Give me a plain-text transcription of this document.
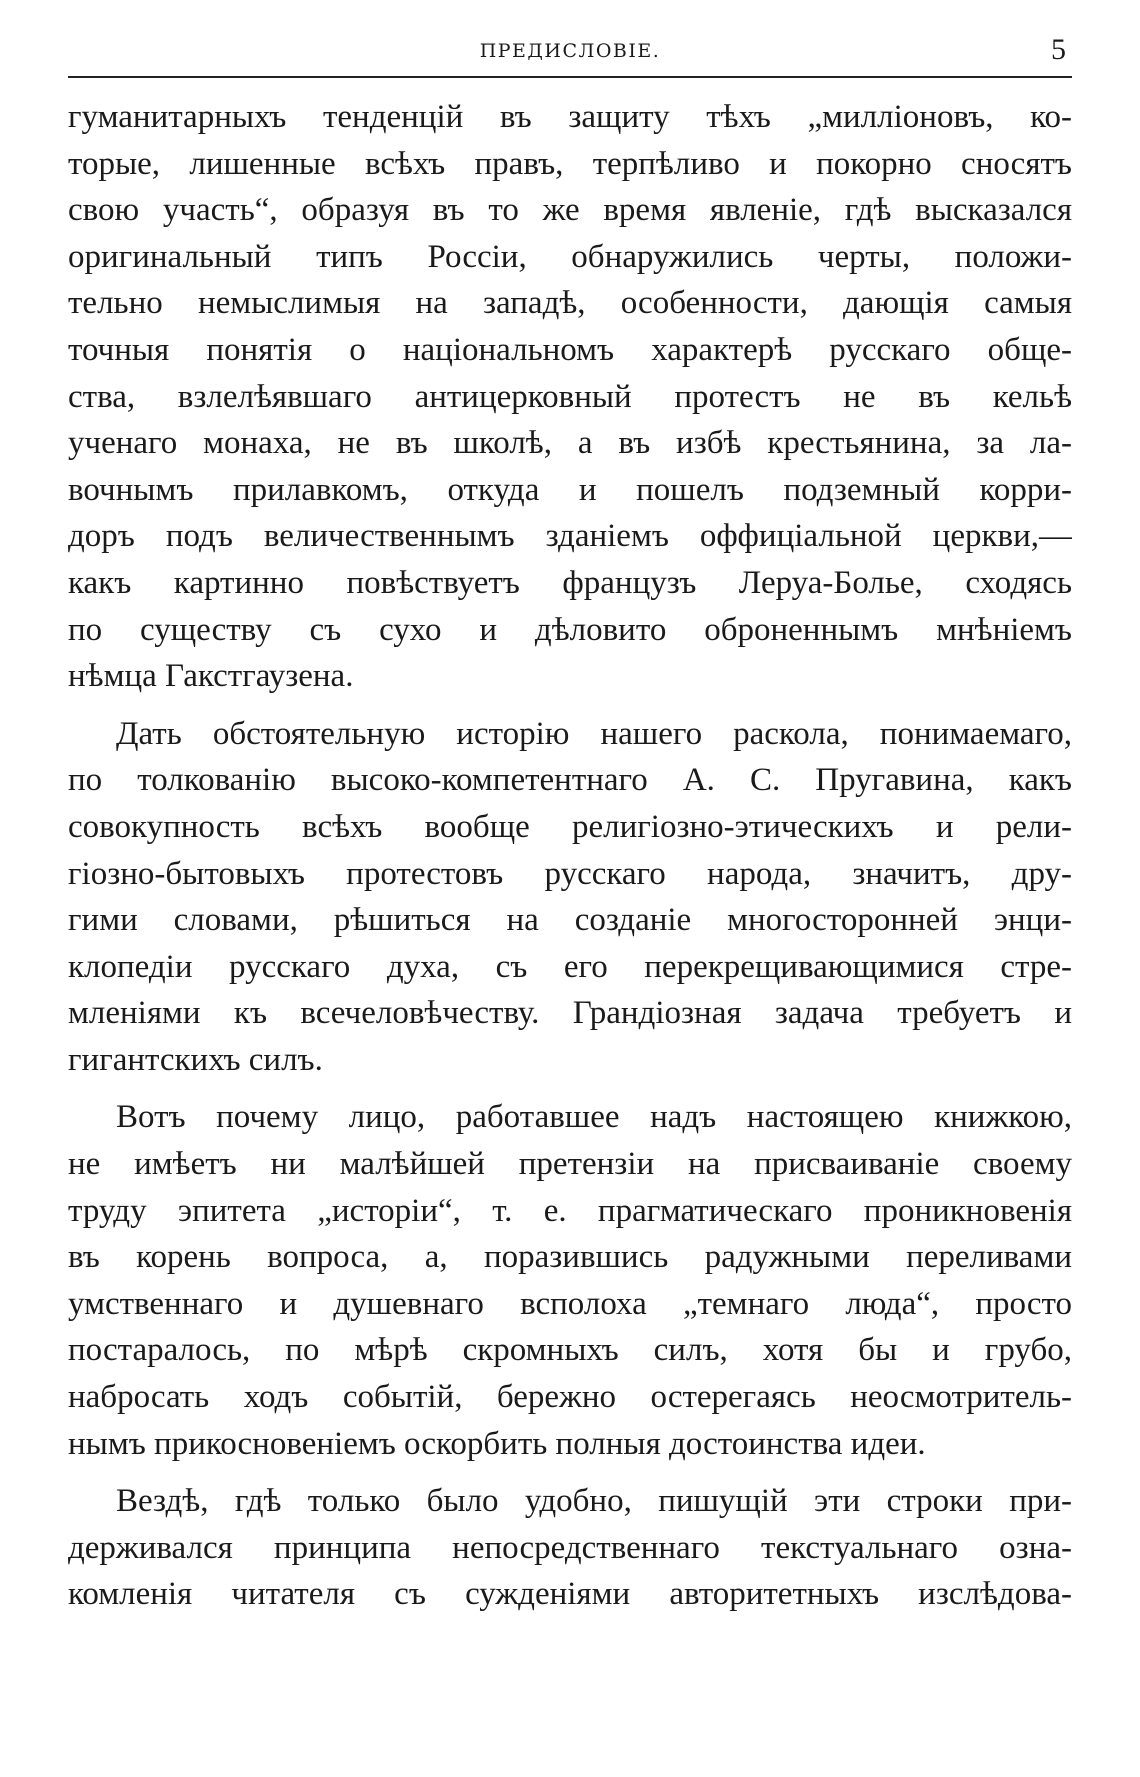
ПРЕДИСЛОВІЕ.	5
гуманитарныхъ тенденцій въ защиту тѣхъ „милліоновъ, ко-
торые, лишенные всѣхъ правъ, терпѣливо и покорно сносятъ
свою участь“, образуя въ то же время явленіе, гдѣ высказался
оригинальный типъ Россіи, обнаружились черты, положи-
тельно немыслимыя на западѣ, особенности, дающія самыя
точныя понятія о національномъ характерѣ русскаго обще-
ства, взлелѣявшаго антицерковный протестъ не въ кельѣ
ученаго монаха, не въ школѣ, а въ избѣ крестьянина, за ла-
вочнымъ прилавкомъ, откуда и пошелъ подземный корри-
доръ подъ величественнымъ зданіемъ оффиціальной церкви,—
какъ картинно повѣствуетъ французъ Леруа-Болье, сходясь
по существу съ сухо и дѣловито оброненнымъ мнѣніемъ
нѣмца Гакстгаузена.
Дать обстоятельную исторію нашего раскола, понимаемаго,
по толкованію высоко-компетентнаго А. С. Пругавина, какъ
совокупность всѣхъ вообще религіозно-этическихъ и рели-
гіозно-бытовыхъ протестовъ русскаго народа, значитъ, дру-
гими словами, рѣшиться на созданіе многосторонней энци-
клопедіи русскаго духа, съ его перекрещивающимися стре-
мленіями къ всечеловѣчеству. Грандіозная задача требуетъ и
гигантскихъ силъ.
Вотъ почему лицо, работавшее надъ настоящею книжкою,
не имѣетъ ни малѣйшей претензіи на присваиваніе своему
труду эпитета „исторіи“, т. е. прагматическаго проникновенія
въ корень вопроса, а, поразившись радужными переливами
умственнаго и душевнаго всполоха „темнаго люда“, просто
постаралось, по мѣрѣ скромныхъ силъ, хотя бы и грубо,
набросать ходъ событій, бережно остерегаясь неосмотритель-
нымъ прикосновеніемъ оскорбить полныя достоинства идеи.
Вездѣ, гдѣ только было удобно, пишущій эти строки при-
держивался принципа непосредственнаго текстуальнаго озна-
комленія читателя съ сужденіями авторитетныхъ изслѣдова-
